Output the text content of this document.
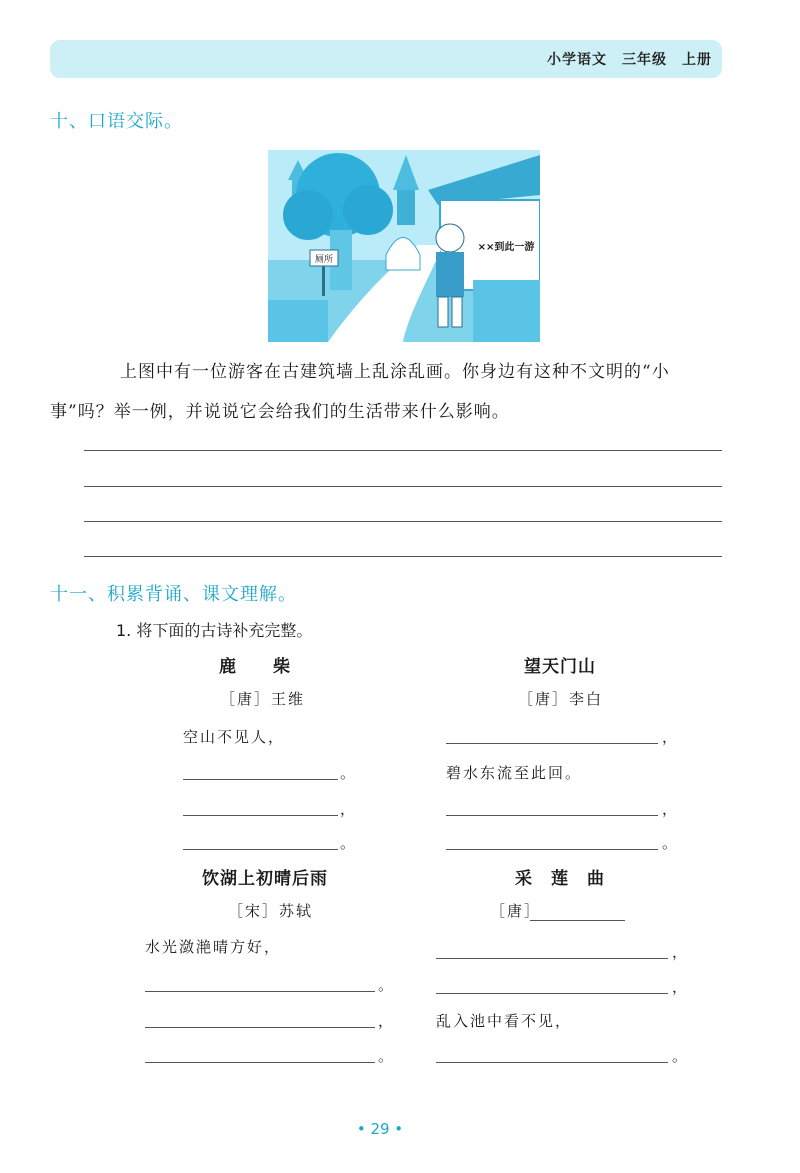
小学语文　三年级　上册
十、口语交际。
厕所
××到此一游
上图中有一位游客在古建筑墙上乱涂乱画。你身边有这种不文明的“小
事”吗？举一例，并说说它会给我们的生活带来什么影响。
十一、积累背诵、课文理解。
1. 将下面的古诗补充完整。
鹿　　柴
［唐］王维
空山不见人，
。
，
。
望天门山
［唐］李白
，
碧水东流至此回。
，
。
饮湖上初晴后雨
［宋］苏轼
水光潋滟晴方好，
。
，
。
采　莲　曲
［唐］
，
，
乱入池中看不见，
。
• 29 •
